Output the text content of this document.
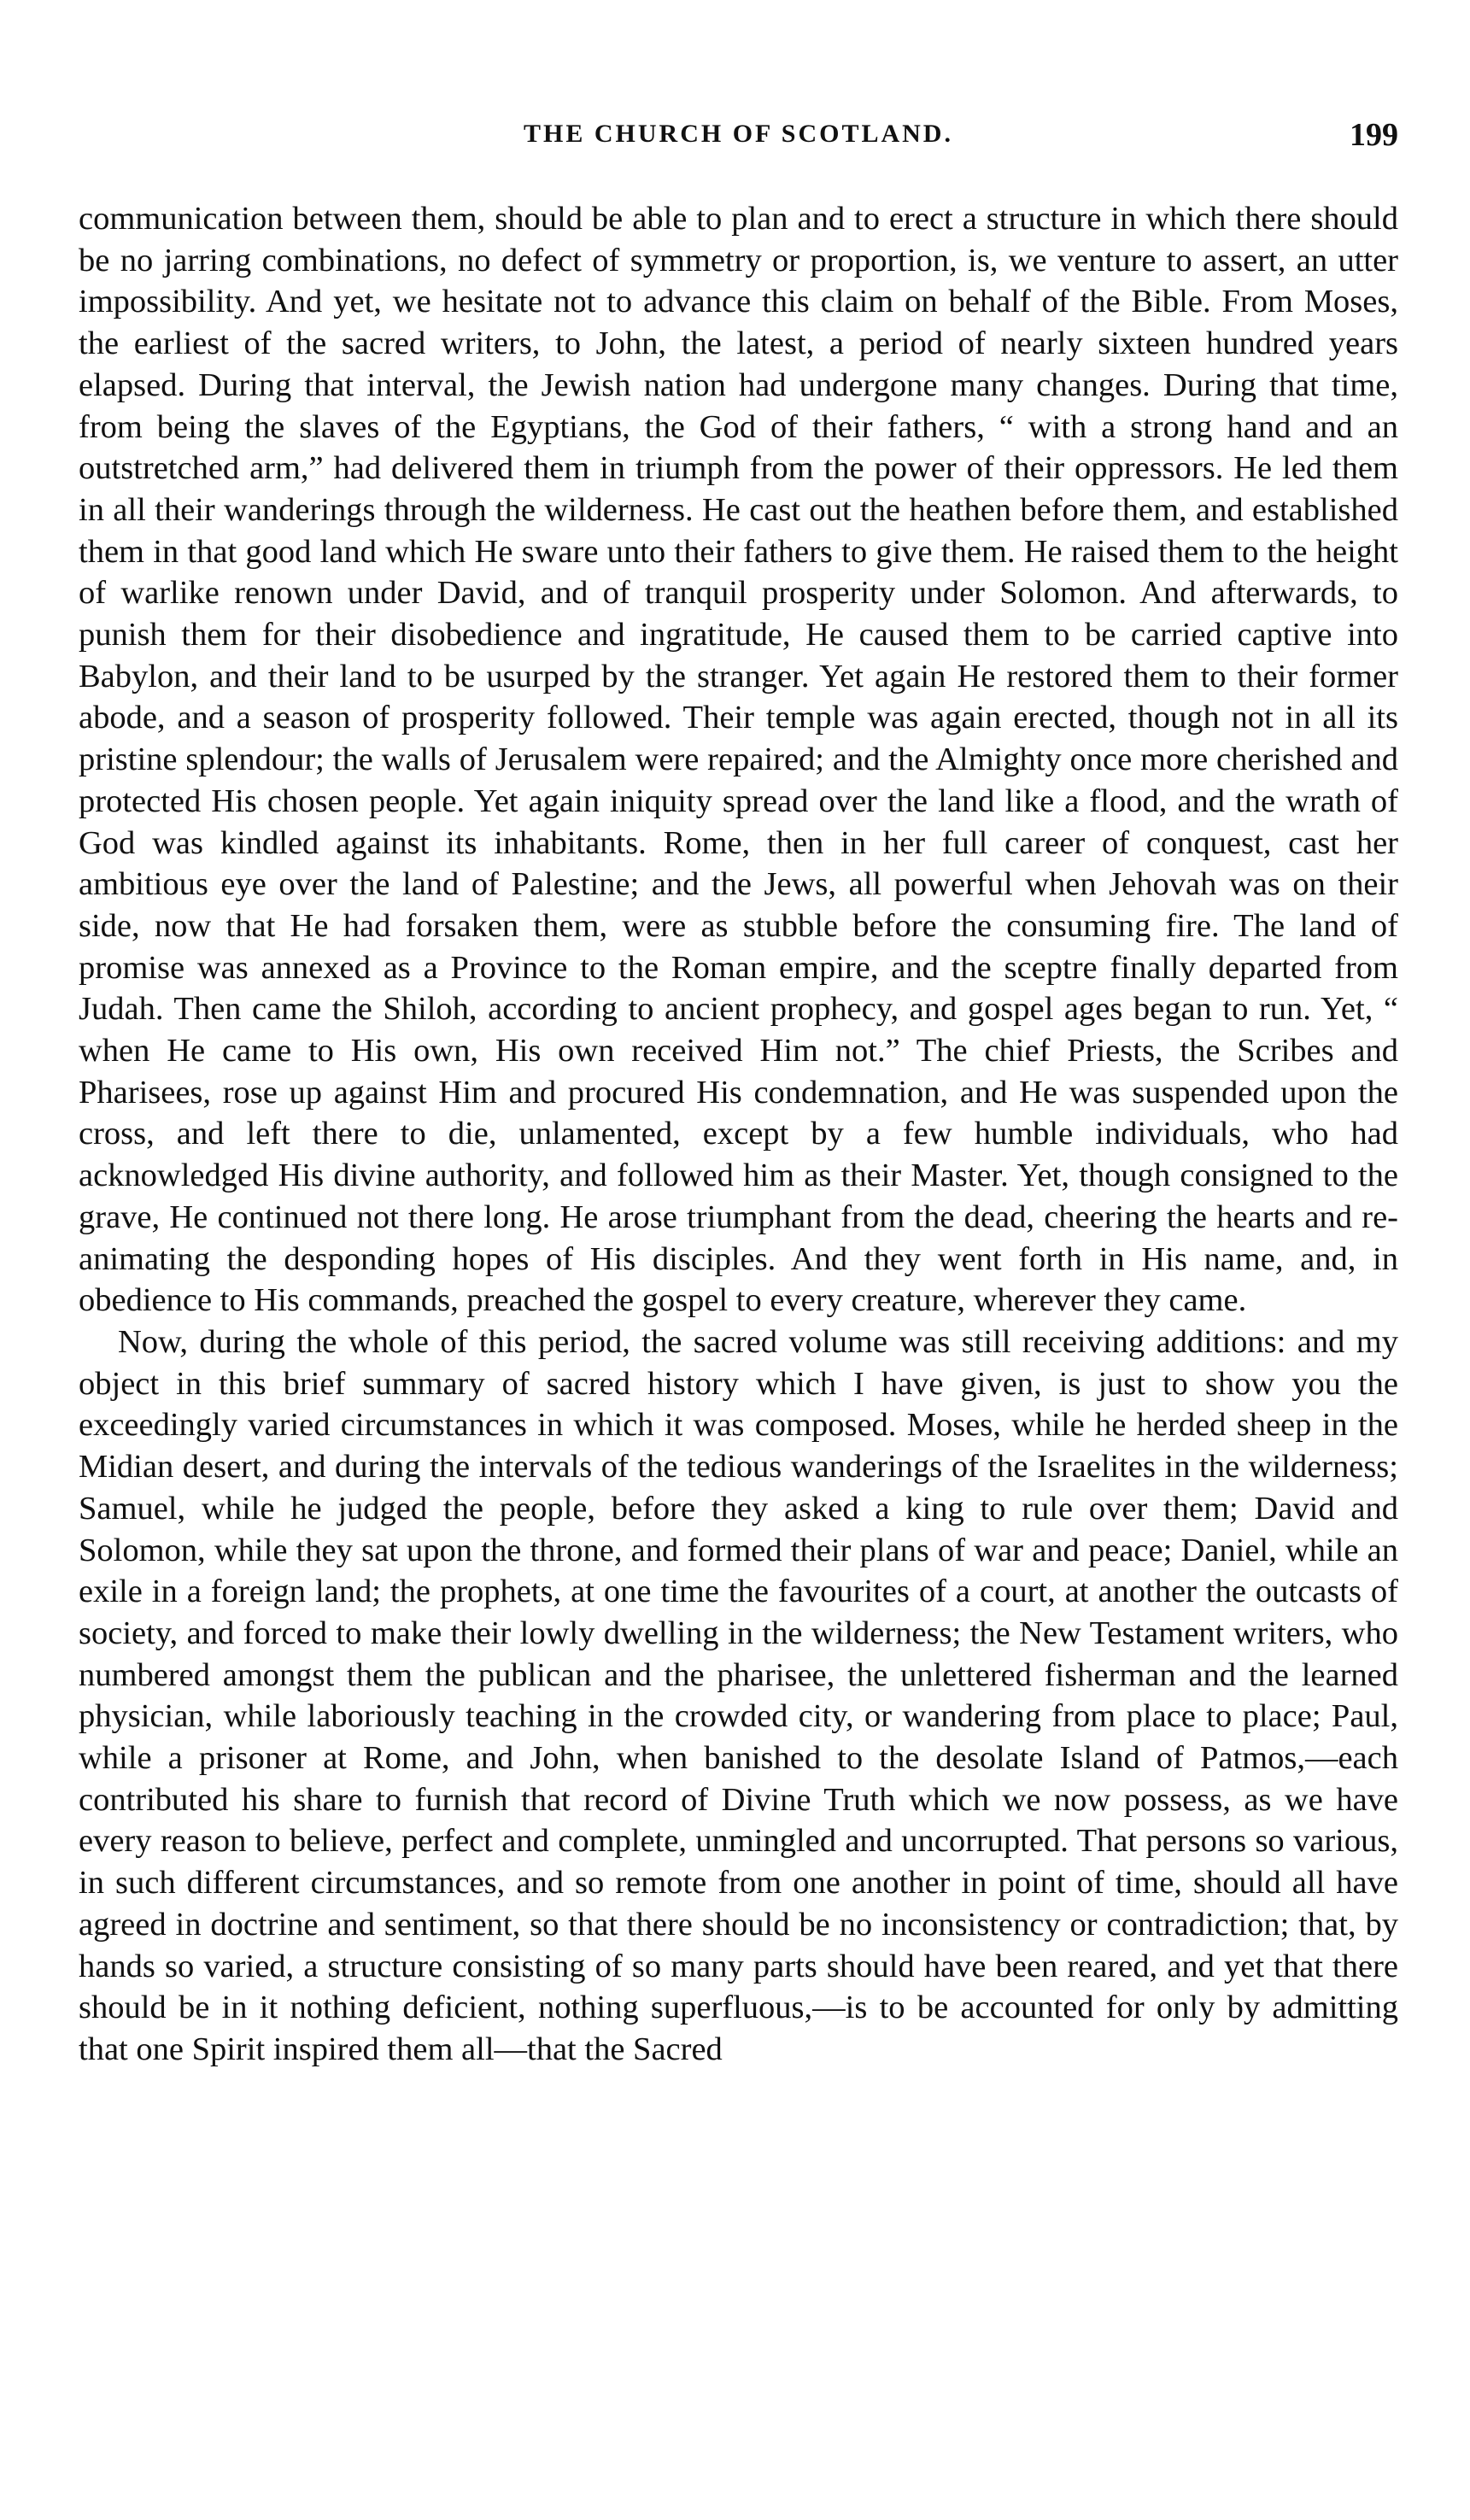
THE CHURCH OF SCOTLAND.	199

communication between them, should be able to plan and to erect a structure in which there should be no jarring combinations, no defect of symmetry or proportion, is, we venture to assert, an utter impossibility. And yet, we hesitate not to advance this claim on behalf of the Bible. From Moses, the earliest of the sacred writers, to John, the latest, a period of nearly sixteen hundred years elapsed. During that interval, the Jewish nation had undergone many changes. During that time, from being the slaves of the Egyptians, the God of their fathers, “ with a strong hand and an outstretched arm,” had delivered them in triumph from the power of their oppressors. He led them in all their wanderings through the wilderness. He cast out the heathen before them, and established them in that good land which He sware unto their fathers to give them. He raised them to the height of warlike renown under David, and of tranquil prosperity under Solomon. And afterwards, to punish them for their disobedience and ingratitude, He caused them to be carried captive into Babylon, and their land to be usurped by the stranger. Yet again He restored them to their former abode, and a season of prosperity followed. Their temple was again erected, though not in all its pristine splendour; the walls of Jerusalem were repaired; and the Almighty once more cherished and protected His chosen people. Yet again iniquity spread over the land like a flood, and the wrath of God was kindled against its inhabitants. Rome, then in her full career of conquest, cast her ambitious eye over the land of Palestine; and the Jews, all powerful when Jehovah was on their side, now that He had forsaken them, were as stubble before the consuming fire. The land of promise was annexed as a Province to the Roman empire, and the sceptre finally departed from Judah. Then came the Shiloh, according to ancient prophecy, and gospel ages began to run. Yet, “ when He came to His own, His own received Him not.” The chief Priests, the Scribes and Pharisees, rose up against Him and procured His condemnation, and He was suspended upon the cross, and left there to die, unlamented, except by a few humble individuals, who had acknowledged His divine authority, and followed him as their Master. Yet, though consigned to the grave, He continued not there long. He arose triumphant from the dead, cheering the hearts and re-animating the desponding hopes of His disciples. And they went forth in His name, and, in obedience to His commands, preached the gospel to every creature, wherever they came.

Now, during the whole of this period, the sacred volume was still receiving additions: and my object in this brief summary of sacred history which I have given, is just to show you the exceedingly varied circumstances in which it was composed. Moses, while he herded sheep in the Midian desert, and during the intervals of the tedious wanderings of the Israelites in the wilderness; Samuel, while he judged the people, before they asked a king to rule over them; David and Solomon, while they sat upon the throne, and formed their plans of war and peace; Daniel, while an exile in a foreign land; the prophets, at one time the favourites of a court, at another the outcasts of society, and forced to make their lowly dwelling in the wilderness; the New Testament writers, who numbered amongst them the publican and the pharisee, the unlettered fisherman and the learned physician, while laboriously teaching in the crowded city, or wandering from place to place; Paul, while a prisoner at Rome, and John, when banished to the desolate Island of Patmos,—each contributed his share to furnish that record of Divine Truth which we now possess, as we have every reason to believe, perfect and complete, unmingled and uncorrupted. That persons so various, in such different circumstances, and so remote from one another in point of time, should all have agreed in doctrine and sentiment, so that there should be no inconsistency or contradiction; that, by hands so varied, a structure consisting of so many parts should have been reared, and yet that there should be in it nothing deficient, nothing superfluous,—is to be accounted for only by admitting that one Spirit inspired them all—that the Sacred
